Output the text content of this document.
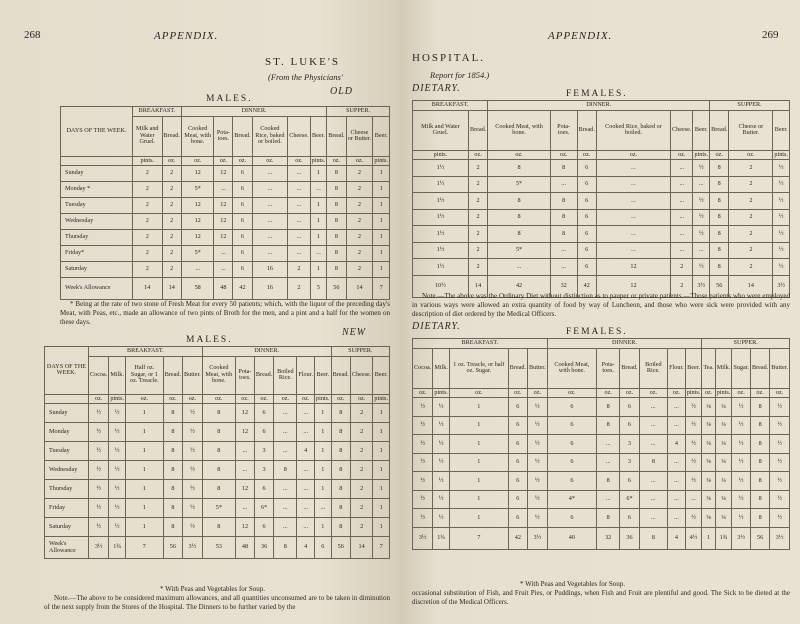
268	APPENDIX.
ST. LUKE'S
(From the Physicians'
OLD
MALES.
DAYS OF THE WEEK.	BREAKFAST.		DINNER.						SUPPER.		
	Milk and Water Gruel.	Bread.	Cooked Meat, with bone.	Pota-toes.	Bread.	Cooked Rice, baked or boiled.	Cheese.	Beer.	Bread.	Cheese or Butter.	Beer.
	pints.	oz.	oz.	oz.	oz.	oz.	oz.	pints.	oz.	oz.	pints.
Sunday	2	2	12	12	6	...	...	1	8	2	1
Monday *	2	2	5*	...	6	...	...	...	8	2	1
Tuesday	2	2	12	12	6	...	...	1	8	2	1
Wednesday	2	2	12	12	6	...	...	1	8	2	1
Thursday	2	2	12	12	6	...	...	1	8	2	1
Friday*	2	2	5*	...	6	...	...	...	8	2	1
Saturday	2	2	...	...	6	16	2	1	8	2	1
Week's Allowance	14	14	58	48	42	16	2	5	56	14	7
* Being at the rate of two stone of Fresh Meat for every 50 patients; which, with the liquor of the preceding day's Meat, with Peas, etc., made an allowance of two pints of Broth for the men, and a pint and a half for the women on these days.
MALES.
NEW
DAYS OF THE WEEK.	BREAKFAST.					DINNER.						SUPPER.		
	Cocoa.	Milk.	Half oz. Sugar, or 1 oz. Treacle.	Bread.	Butter.	Cooked Meat, with bone.	Pota-toes.	Bread.	Boiled Rice.	Flour.	Beer.	Bread.	Cheese.	Beer.
	oz.	pints.	oz.	oz.	oz.	oz.	oz.	oz.	oz.	oz.	pints.	oz.	oz.	pints.
Sunday	½	½	1	8	½	8	12	6	...	...	1	8	2	1
Monday	½	½	1	8	½	8	12	6	...	...	1	8	2	1
Tuesday	½	½	1	8	½	8	...	3	...	4	1	8	2	1
Wednesday	½	½	1	8	½	8	...	3	8	...	1	8	2	1
Thursday	½	½	1	8	½	8	12	6	...	...	1	8	2	1
Friday	½	½	1	8	½	5*	...	6*	...	...	...	8	2	1
Saturday	½	½	1	8	½	8	12	6	...	...	1	8	2	1
Week's Allowance	3½	1¾	7	56	3½	53	48	36	8	4	6	56	14	7
* With Peas and Vegetables for Soup.
Note.—The above to be considered maximum allowances, and all quantities unconsumed are to be taken in diminution of the next supply from the Stores of the Hospital. The Dinners to be further varied by the
APPENDIX.	269
HOSPITAL.
Report for 1854.)
DIETARY.	FEMALES.
BREAKFAST.		DINNER.						SUPPER.		
Milk and Water Gruel.	Bread.	Cooked Meat, with bone.	Pota-toes.	Bread.	Cooked Rice, baked or boiled.	Cheese.	Beer.	Bread.	Cheese or Butter.	Beer.
pints.	oz.	oz.	oz.	oz.	oz.	oz.	pints.	oz.	oz.	pints.
1½	2	8	8	6	...	...	½	8	2	½
1½	2	5*	...	6	...	...	...	8	2	½
1½	2	8	8	6	...	...	½	8	2	½
1½	2	8	8	6	...	...	½	8	2	½
1½	2	8	8	6	...	...	½	8	2	½
1½	2	5*	...	6	...	...	...	8	2	½
1½	2	...	...	6	12	2	½	8	2	½
10½	14	42	32	42	12	2	3½	56	14	3½
Note.—The above was the Ordinary Diet without distinction as to pauper or private patients.—Those patients who were employed in various ways were allowed an extra quantity of food by way of Luncheon, and those who were sick were provided with any description of diet ordered by the Medical Officers.
DIETARY.	FEMALES.
BREAKFAST.					DINNER.						SUPPER.				
Cocoa.	Milk.	1 oz. Treacle, or half oz. Sugar.	Bread.	Butter.	Cooked Meat, with bone.	Pota-toes.	Bread.	Boiled Rice.	Flour.	Beer.	Tea.	Milk.	Sugar.	Bread.	Butter.
oz.	pints.	oz.	oz.	oz.	oz.	oz.	oz.	oz.	oz.	pints.	oz.	pints.	oz.	oz.	oz.
½	½	1	6	½	6	8	6	...	...	½	⅛	¼	½	8	½
½	½	1	6	½	6	8	6	...	...	½	⅛	¼	½	8	½
½	½	1	6	½	6	...	3	...	4	½	⅛	¼	½	8	½
½	½	1	6	½	6	...	3	8	...	½	⅛	¼	½	8	½
½	½	1	6	½	6	8	6	...	...	½	⅛	¼	½	8	½
½	½	1	6	½	4*	...	6*	...	...	...	⅛	¼	½	8	½
½	½	1	6	½	6	8	6	...	...	½	⅛	¼	½	8	½
3½	1¾	7	42	3½	40	32	36	8	4	4½	1	1¾	3½	56	3½
* With Peas and Vegetables for Soup.
occasional substitution of Fish, and Fruit Pies, or Puddings, when Fish and Fruit are plentiful and good. The Sick to be dieted at the discretion of the Medical Officers.
